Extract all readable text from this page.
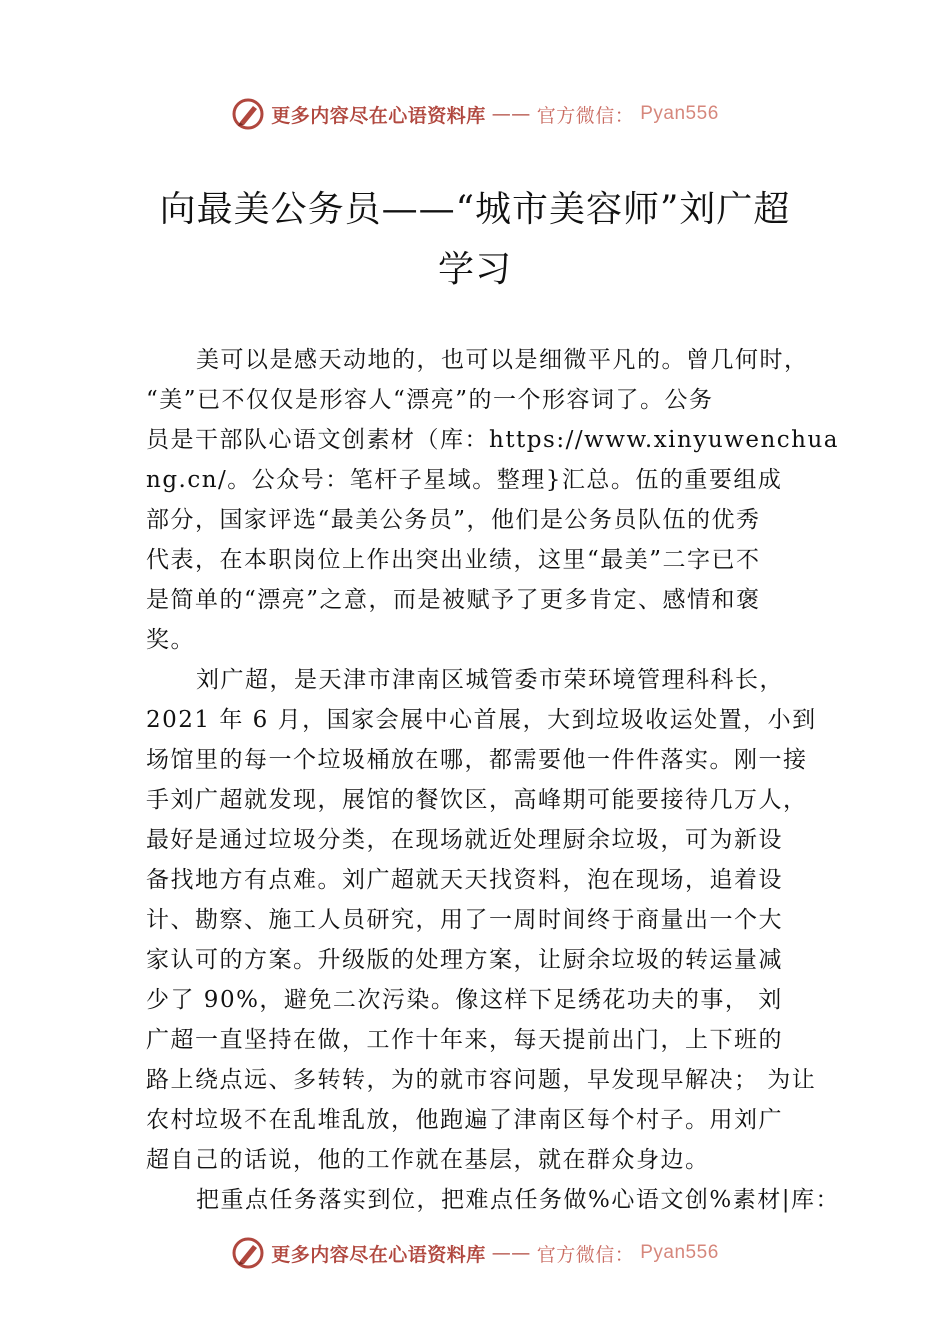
更多内容尽在心语资料库 —— 官方微信： Pyan556
向最美公务员——“城市美容师”刘广超
学习
美可以是感天动地的，也可以是细微平凡的。曾几何时，
“美”已不仅仅是形容人“漂亮”的一个形容词了。公务
员是干部队心语文创素材（库：https://www.xinyuwenchua
ng.cn/。公众号：笔杆子星域。整理}汇总。伍的重要组成
部分，国家评选“最美公务员”，他们是公务员队伍的优秀
代表，在本职岗位上作出突出业绩，这里“最美”二字已不
是简单的“漂亮”之意，而是被赋予了更多肯定、感情和褒
奖。
刘广超，是天津市津南区城管委市荣环境管理科科长，
2021 年 6 月，国家会展中心首展，大到垃圾收运处置，小到
场馆里的每一个垃圾桶放在哪，都需要他一件件落实。刚一接
手刘广超就发现，展馆的餐饮区，高峰期可能要接待几万人，
最好是通过垃圾分类，在现场就近处理厨余垃圾，可为新设
备找地方有点难。刘广超就天天找资料，泡在现场，追着设
计、勘察、施工人员研究，用了一周时间终于商量出一个大
家认可的方案。升级版的处理方案，让厨余垃圾的转运量减
少了 90%，避免二次污染。像这样下足绣花功夫的事， 刘
广超一直坚持在做，工作十年来，每天提前出门，上下班的
路上绕点远、多转转，为的就市容问题，早发现早解决； 为让
农村垃圾不在乱堆乱放，他跑遍了津南区每个村子。用刘广
超自己的话说，他的工作就在基层，就在群众身边。
把重点任务落实到位，把难点任务做%心语文创%素材|库：
更多内容尽在心语资料库 —— 官方微信： Pyan556
